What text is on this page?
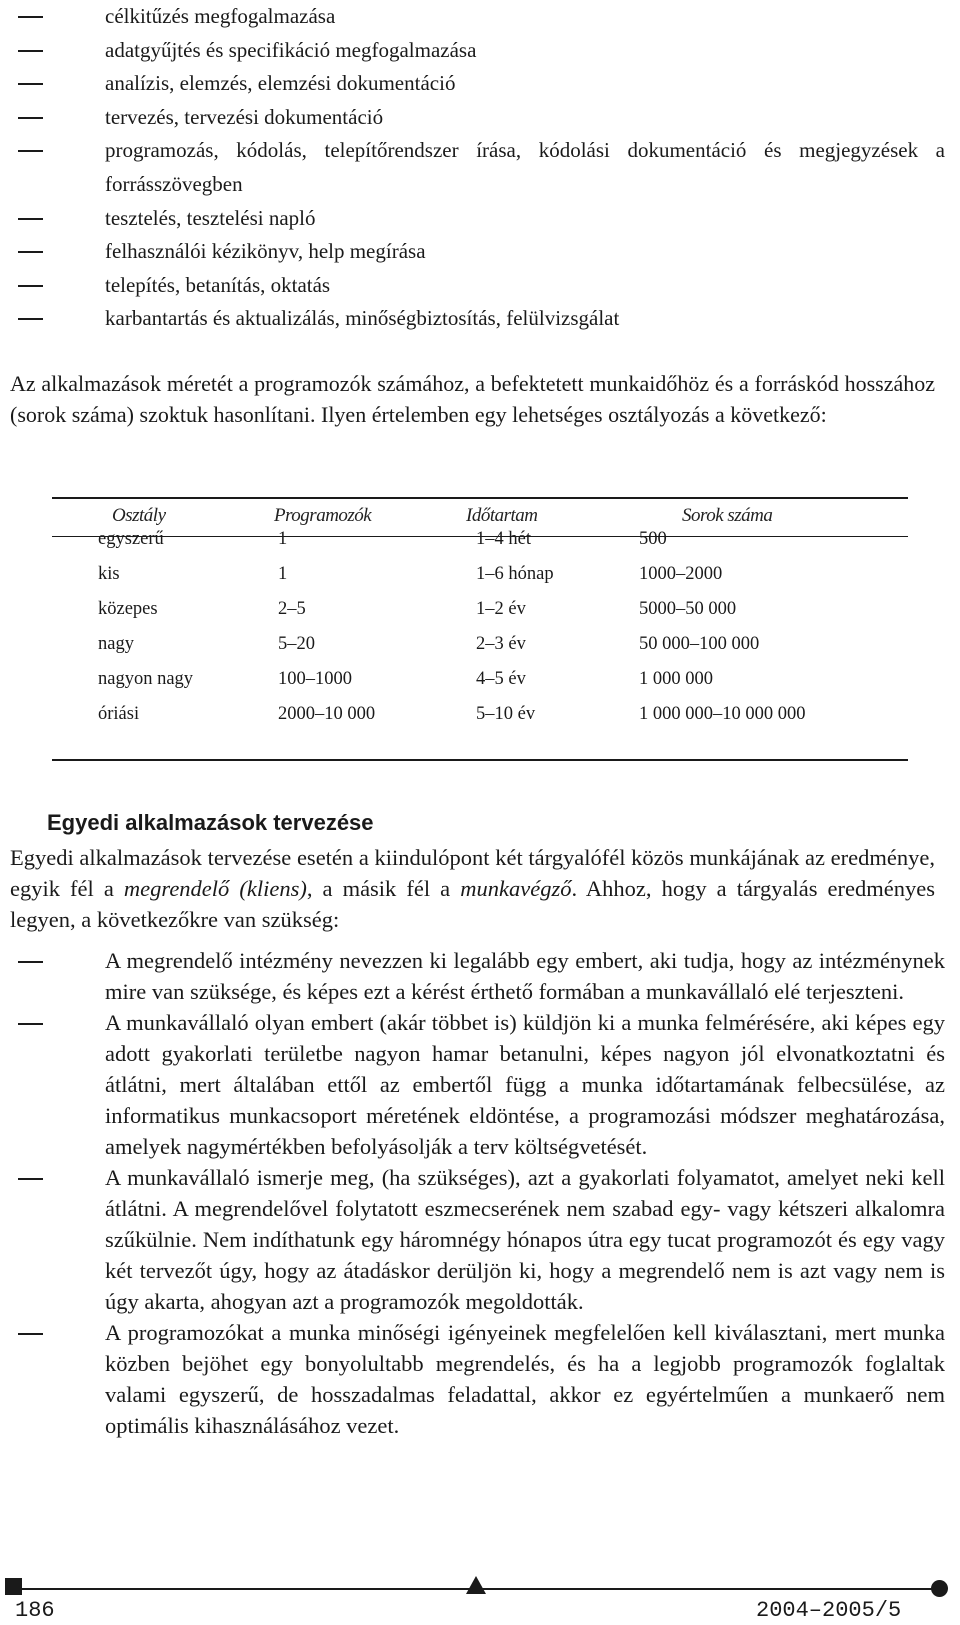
célkitűzés megfogalmazása
adatgyűjtés és specifikáció megfogalmazása
analízis, elemzés, elemzési dokumentáció
tervezés, tervezési dokumentáció
programozás, kódolás, telepítőrendszer írása, kódolási dokumentáció és megjegyzések a forrásszövegben
tesztelés, tesztelési napló
felhasználói kézikönyv, help megírása
telepítés, betanítás, oktatás
karbantartás és aktualizálás, minőségbiztosítás, felülvizsgálat

Az alkalmazások méretét a programozók számához, a befektetett munkaidőhöz és a forráskód hosszához (sorok száma) szoktuk hasonlítani. Ilyen értelemben egy lehetséges osztályozás a következő:

Osztály	Programozók	Időtartam	Sorok száma
egyszerű	1	1–4 hét	500
kis	1	1–6 hónap	1000–2000
közepes	2–5	1–2 év	5000–50 000
nagy	5–20	2–3 év	50 000–100 000
nagyon nagy	100–1000	4–5 év	1 000 000
óriási	2000–10 000	5–10 év	1 000 000–10 000 000
Egyedi alkalmazások tervezése

Egyedi alkalmazások tervezése esetén a kiindulópont két tárgyalófél közös munkájának az eredménye, egyik fél a megrendelő (kliens), a másik fél a munkavégző. Ahhoz, hogy a tárgyalás eredményes legyen, a következőkre van szükség:

A megrendelő intézmény nevezzen ki legalább egy embert, aki tudja, hogy az intézménynek mire van szüksége, és képes ezt a kérést érthető formában a munkavállaló elé terjeszteni.
A munkavállaló olyan embert (akár többet is) küldjön ki a munka felmérésére, aki képes egy adott gyakorlati területbe nagyon hamar betanulni, képes nagyon jól elvonatkoztatni és átlátni, mert általában ettől az embertől függ a munka időtartamának felbecsülése, az informatikus munkacsoport méretének eldöntése, a programozási módszer meghatározása, amelyek nagymértékben befolyásolják a terv költségvetését.
A munkavállaló ismerje meg, (ha szükséges), azt a gyakorlati folyamatot, amelyet neki kell átlátni. A megrendelővel folytatott eszmecserének nem szabad egy- vagy kétszeri alkalomra szűkülnie. Nem indíthatunk egy háromnégy hónapos útra egy tucat programozót és egy vagy két tervezőt úgy, hogy az átadáskor derüljön ki, hogy a megrendelő nem is azt vagy nem is úgy akarta, ahogyan azt a programozók megoldották.
A programozókat a munka minőségi igényeinek megfelelően kell kiválasztani, mert munka közben bejöhet egy bonyolultabb megrendelés, és ha a legjobb programozók foglaltak valami egyszerű, de hosszadalmas feladattal, akkor ez egyértelműen a munkaerő nem optimális kihasználásához vezet.
186	2004–2005/5
